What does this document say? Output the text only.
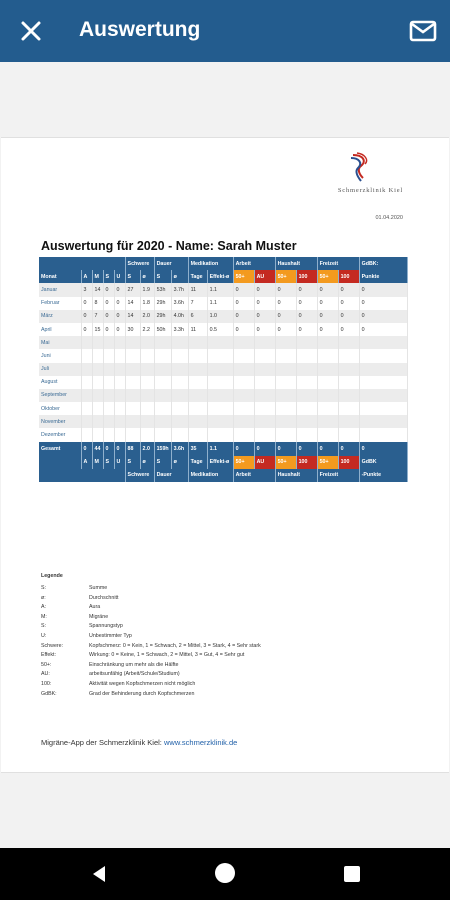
Auswertung
Schmerzklinik Kiel
01.04.2020
Auswertung für 2020 - Name: Sarah Muster
					Schwere		Dauer		Medikation		Arbeit		Haushalt		Freizeit		GdBK:
Monat	A	M	S	U	S	ø	S	ø	Tage	Effekt-ø	50+	AU	50+	100	50+	100	Punkte
Januar	3	14	0	0	27	1.9	53h	3.7h	11	1.1	0	0	0	0	0	0	0
Februar	0	8	0	0	14	1.8	29h	3.6h	7	1.1	0	0	0	0	0	0	0
März	0	7	0	0	14	2.0	29h	4.0h	6	1.0	0	0	0	0	0	0	0
April	0	15	0	0	30	2.2	50h	3.3h	11	0.5	0	0	0	0	0	0	0
Mai																	
Juni																	
Juli																	
August																	
September																	
Oktober																	
November																	
Dezember																	
Gesamt	0	44	0	0	88	2.0	159h	3.6h	35	1.1	0	0	0	0	0	0	0
	A	M	S	U	S	ø	S	ø	Tage	Effekt-ø	50+	AU	50+	100	50+	100	GdBK
					Schwere		Dauer		Medikation		Arbeit		Haushalt		Freizeit		-Punkte
Legende
S:	Summe
ø:	Durchschnitt
A:	Aura
M:	Migräne
S:	Spannungstyp
U:	Unbestimmter Typ
Schwere:	Kopfschmerz: 0 = Kein, 1 = Schwach, 2 = Mittel, 3 = Stark, 4 = Sehr stark
Effekt:	Wirkung: 0 = Keine, 1 = Schwach, 2 = Mittel, 3 = Gut, 4 = Sehr gut
50+:	Einschränkung um mehr als die Hälfte
AU:	arbeitsunfähig (Arbeit/Schule/Studium)
100:	Aktivität wegen Kopfschmerzen nicht möglich
GdBK:	Grad der Behinderung durch Kopfschmerzen
Migräne-App der Schmerzklinik Kiel: www.schmerzklinik.de
